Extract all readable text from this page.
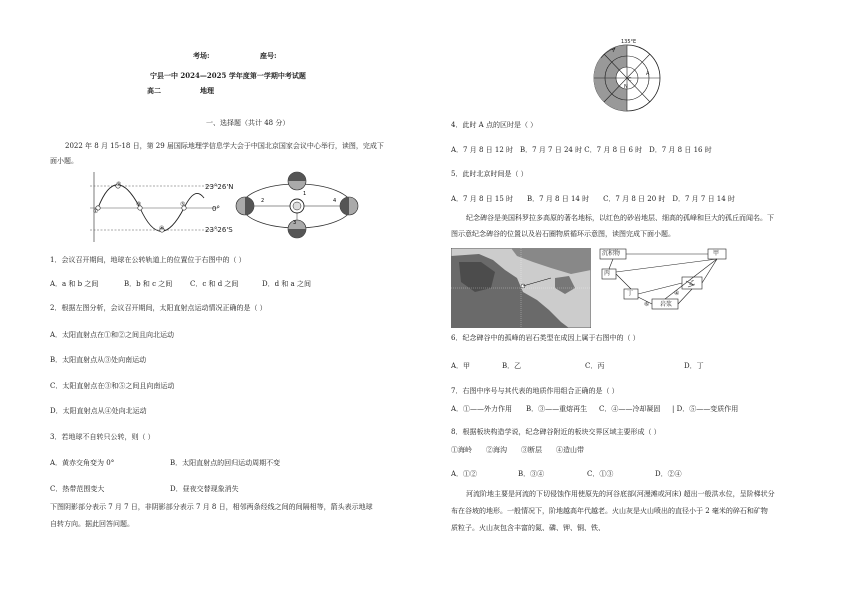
考场:	座号:
宁县一中 2024—2025 学年度第一学期中考试题
高二	地理
一、选择题（共计 48 分）
2022 年 8 月 15-18 日，第 29 届国际地理学信息学大会于中国北京国家会议中心举行，读图，完成下
面小题。
23°26'N
0°
23°26'S
①
②
③
④
⑤
1
2
3
4
1．会议召开期间，地球在公转轨道上的位置位于右图中的（ ）
A．a 和 b 之间	B．b 和 c 之间	C．c 和 d 之间	D．d 和 a 之间
2．根据左图分析，会议召开期间，太阳直射点运动情况正确的是（ ）
A．太阳直射点在①和②之间且向北运动
B．太阳直射点从③处向南运动
C．太阳直射点在③和⑤之间且向南运动
D．太阳直射点从④处向北运动
3．若地球不自转只公转，则（ ）
A．黄赤交角变为 0°	B．太阳直射点的回归运动周期不变
C．热带范围变大	D．昼夜交替现象消失
下图阴影部分表示 7 月 7 日，非阴影部分表示 7 月 8 日，相邻两条经线之间的间隔相等，箭头表示地球
自转方向。据此回答问题。
135°E
A
C
N
4．此时 A 点的区时是（ ）
A．7 月 8 日 12 时　B．7 月 7 日 24 时 C．7 月 8 日 6 时　D．7 月 8 日 16 时
5．此时北京时间是（ ）
A．7 月 8 日 15 时　　B．7 月 8 日 14 时　　C．7 月 8 日 20 时　D．7 月 7 日 14 时
纪念碑谷是美国科罗拉多高原的著名地标，以红色的砂岩地层、细高的孤峰和巨大的孤丘而闻名。下
图示意纪念碑谷的位置以及岩石圈物质循环示意图，读图完成下面小题。
沉积物	甲
丙
丁
乙
岩浆
④
⑥
6．纪念碑谷中的孤峰的岩石类型在成因上属于右图中的（ ）
A．甲	B．乙	C．丙	D．丁
7．右图中序号与其代表的地质作用组合正确的是（ ）
A．①——外力作用 B．③——重熔再生 C．④——冷却凝固 | D．⑤——变质作用
8．根据板块构造学说，纪念碑谷附近的板块交界区域主要形成（ ）
①海岭　　②海沟　　③断层　　④造山带
A．①②	B．③④	C．①③	D．②④
河流阶地主要是河流的下切侵蚀作用使原先的河谷底部(河漫滩或河床) 超出一般洪水位，呈阶梯状分
布在谷坡的地形。一般情况下，阶地越高年代越老。火山灰是火山喷出的直径小于 2 毫米的碎石和矿物
质粒子。火山灰包含丰富的氮、磷、钾、铜、铁、
